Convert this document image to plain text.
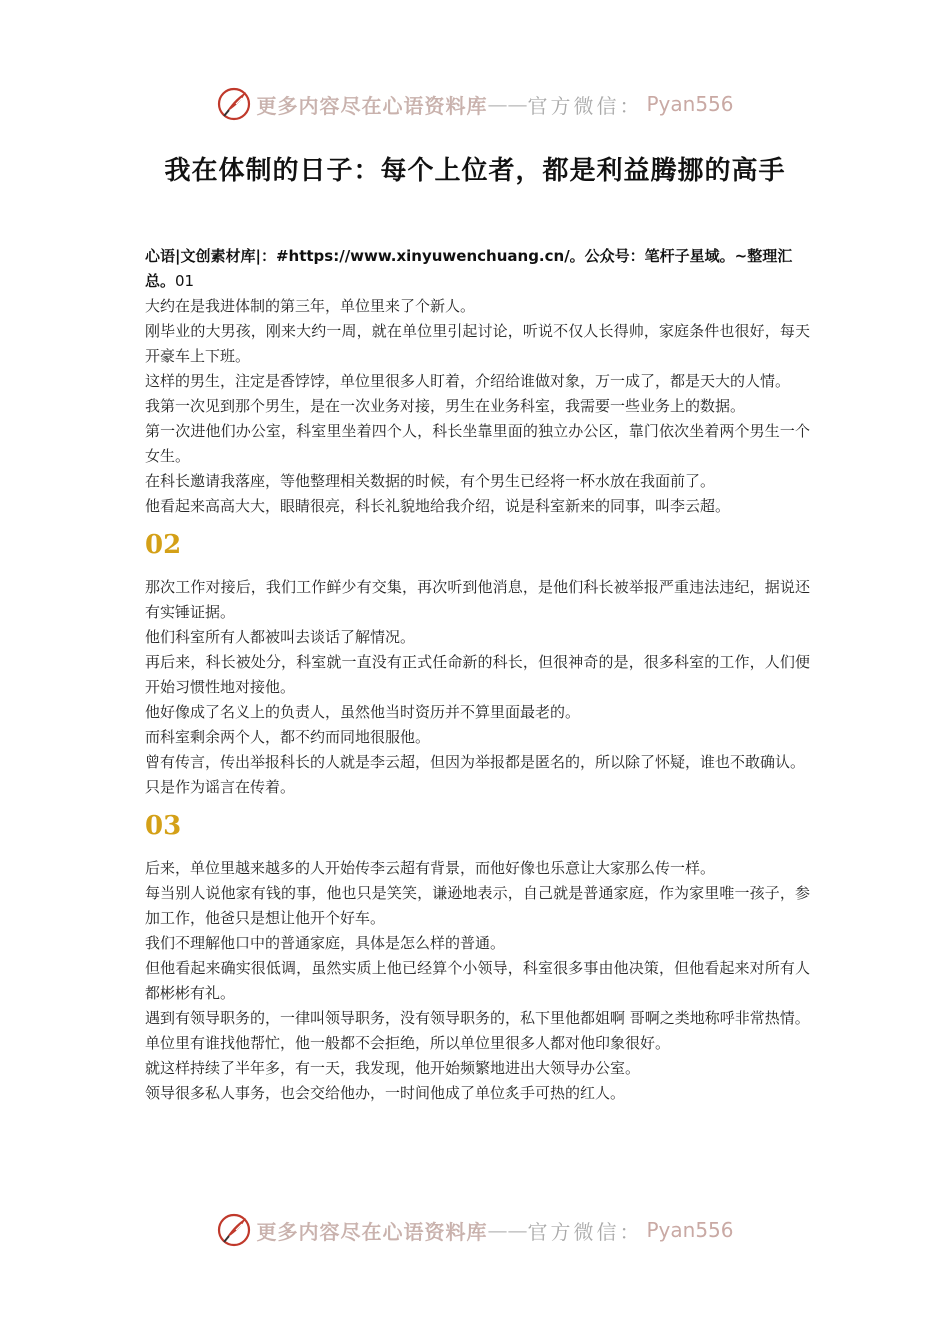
更多内容尽在心语资料库 —— 官方微信： Pyan556
我在体制的日子：每个上位者，都是利益腾挪的高手

心语|文创素材库|：#https://www.xinyuwenchuang.cn/。公众号：笔杆子星域。~整理汇总。01

大约在是我进体制的第三年，单位里来了个新人。

刚毕业的大男孩，刚来大约一周，就在单位里引起讨论，听说不仅人长得帅，家庭条件也很好，每天开豪车上下班。

这样的男生，注定是香饽饽，单位里很多人盯着，介绍给谁做对象，万一成了，都是天大的人情。

我第一次见到那个男生，是在一次业务对接，男生在业务科室，我需要一些业务上的数据。

第一次进他们办公室，科室里坐着四个人，科长坐靠里面的独立办公区，靠门依次坐着两个男生一个女生。

在科长邀请我落座，等他整理相关数据的时候，有个男生已经将一杯水放在我面前了。

他看起来高高大大，眼睛很亮，科长礼貌地给我介绍，说是科室新来的同事，叫李云超。

02

那次工作对接后，我们工作鲜少有交集，再次听到他消息，是他们科长被举报严重违法违纪，据说还有实锤证据。

他们科室所有人都被叫去谈话了解情况。

再后来，科长被处分，科室就一直没有正式任命新的科长，但很神奇的是，很多科室的工作，人们便开始习惯性地对接他。

他好像成了名义上的负责人，虽然他当时资历并不算里面最老的。

而科室剩余两个人，都不约而同地很服他。

曾有传言，传出举报科长的人就是李云超，但因为举报都是匿名的，所以除了怀疑，谁也不敢确认。

只是作为谣言在传着。

03

后来，单位里越来越多的人开始传李云超有背景，而他好像也乐意让大家那么传一样。

每当别人说他家有钱的事，他也只是笑笑，谦逊地表示，自己就是普通家庭，作为家里唯一孩子，参加工作，他爸只是想让他开个好车。

我们不理解他口中的普通家庭，具体是怎么样的普通。

但他看起来确实很低调，虽然实质上他已经算个小领导，科室很多事由他决策，但他看起来对所有人都彬彬有礼。

遇到有领导职务的，一律叫领导职务，没有领导职务的，私下里他都姐啊 哥啊之类地称呼非常热情。

单位里有谁找他帮忙，他一般都不会拒绝，所以单位里很多人都对他印象很好。

就这样持续了半年多，有一天，我发现，他开始频繁地进出大领导办公室。

领导很多私人事务，也会交给他办，一时间他成了单位炙手可热的红人。

更多内容尽在心语资料库 —— 官方微信： Pyan556
